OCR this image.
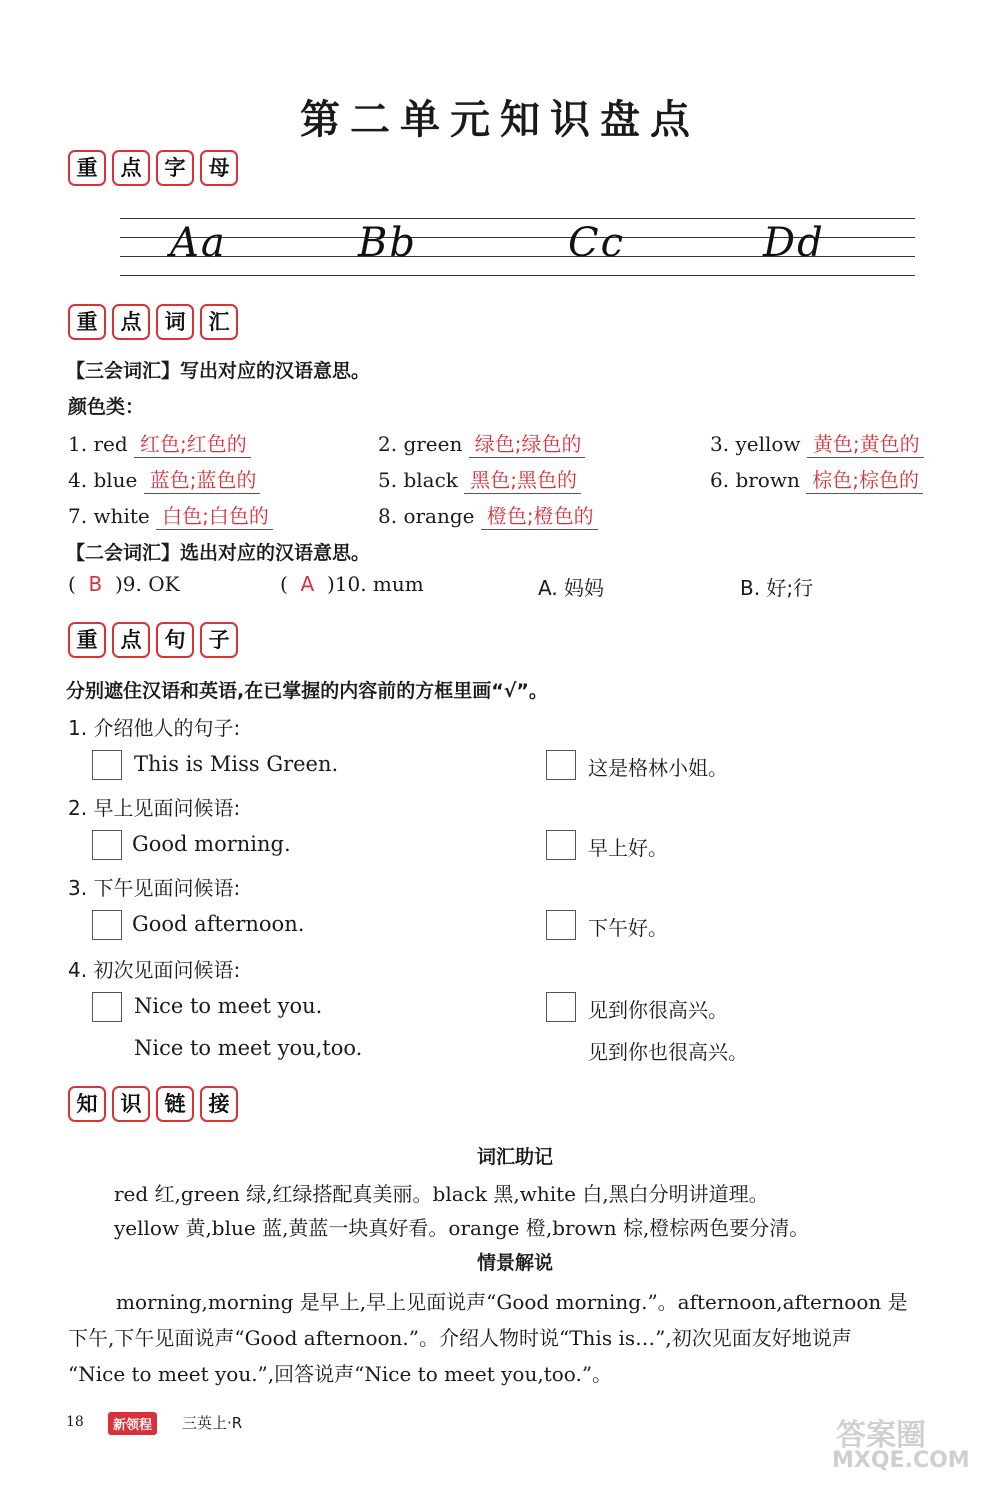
第二单元知识盘点
重	点	字	母
Aa	Bb	Cc	Dd
重	点	词	汇
【三会词汇】写出对应的汉语意思。
颜色类：
1. red 红色;红色的	2. green 绿色;绿色的	3. yellow 黄色;黄色的
4. blue 蓝色;蓝色的	5. black 黑色;黑色的	6. brown 棕色;棕色的
7. white 白色;白色的	8. orange 橙色;橙色的
【二会词汇】选出对应的汉语意思。
(  B )9. OK	(  A )10. mum	A. 妈妈	B. 好;行
重	点	句	子
分别遮住汉语和英语,在已掌握的内容前的方框里画“√”。
1. 介绍他人的句子:
This is Miss Green.	这是格林小姐。
2. 早上见面问候语:
Good morning.	早上好。
3. 下午见面问候语:
Good afternoon.	下午好。
4. 初次见面问候语:
Nice to meet you.	见到你很高兴。
Nice to meet you,too.	见到你也很高兴。
知	识	链	接
词汇助记
red 红,green 绿,红绿搭配真美丽。black 黑,white 白,黑白分明讲道理。
yellow 黄,blue 蓝,黄蓝一块真好看。orange 橙,brown 棕,橙棕两色要分清。
情景解说
morning,morning 是早上,早上见面说声“Good morning.”。afternoon,afternoon 是
下午,下午见面说声“Good afternoon.”。介绍人物时说“This is…”,初次见面友好地说声
“Nice to meet you.”,回答说声“Nice to meet you,too.”。
18	新领程	三英上·R	答案圈
MXQE.COM
